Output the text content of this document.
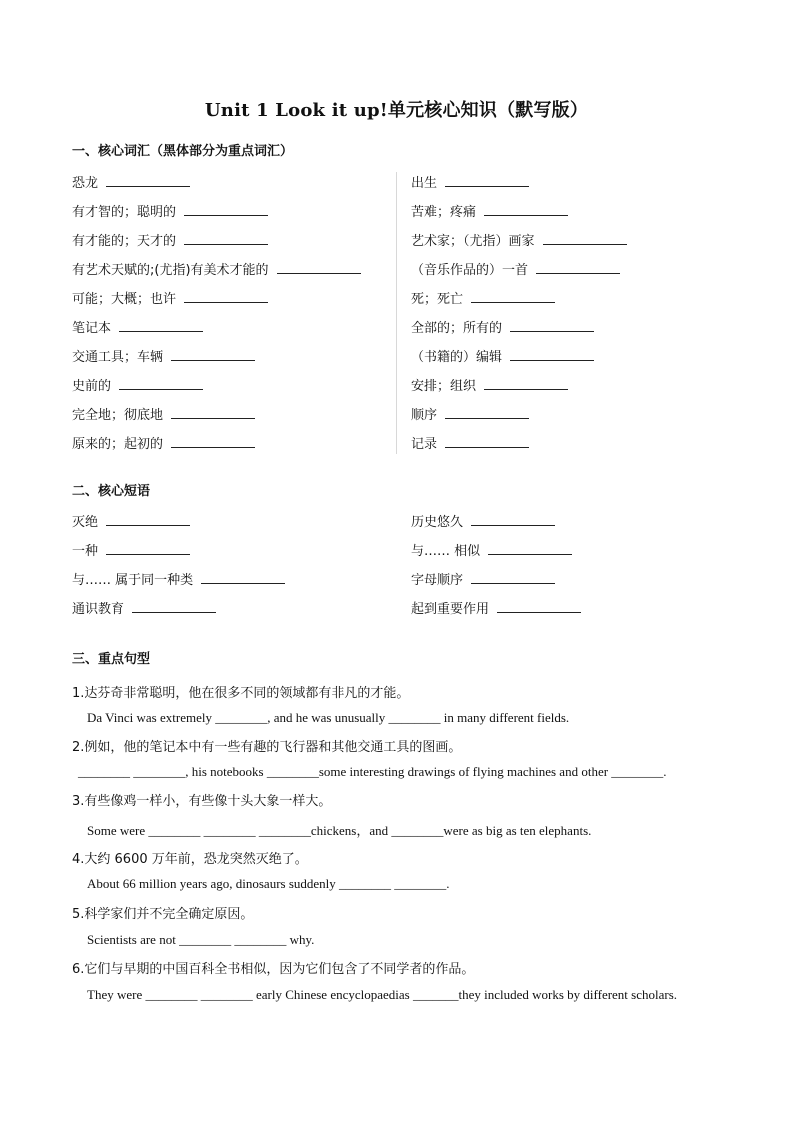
Unit 1 Look it up!单元核心知识（默写版）
一、核心词汇（黑体部分为重点词汇）
恐龙
有才智的；聪明的
有才能的；天才的
有艺术天赋的;(尤指)有美术才能的
可能；大概；也许
笔记本
交通工具；车辆
史前的
完全地；彻底地
原来的；起初的
出生
苦难；疼痛
艺术家；（尤指）画家
（音乐作品的）一首
死；死亡
全部的；所有的
（书籍的）编辑
安排；组织
顺序
记录
二、核心短语
灭绝
一种
与…… 属于同一种类
通识教育
历史悠久
与…… 相似
字母顺序
起到重要作用
三、重点句型
1.达芬奇非常聪明，他在很多不同的领域都有非凡的才能。
Da Vinci was extremely ________, and he was unusually ________ in many different fields.
2.例如，他的笔记本中有一些有趣的飞行器和其他交通工具的图画。
________ ________, his notebooks ________some interesting drawings of flying machines and other ________.
3.有些像鸡一样小，有些像十头大象一样大。
Some were ________ ________ ________chickens，and ________were as big as ten elephants.
4.大约 6600 万年前，恐龙突然灭绝了。
About 66 million years ago, dinosaurs suddenly ________ ________.
5.科学家们并不完全确定原因。
Scientists are not ________ ________ why.
6.它们与早期的中国百科全书相似，因为它们包含了不同学者的作品。
They were ________ ________ early Chinese encyclopaedias _______they included works by different scholars.
